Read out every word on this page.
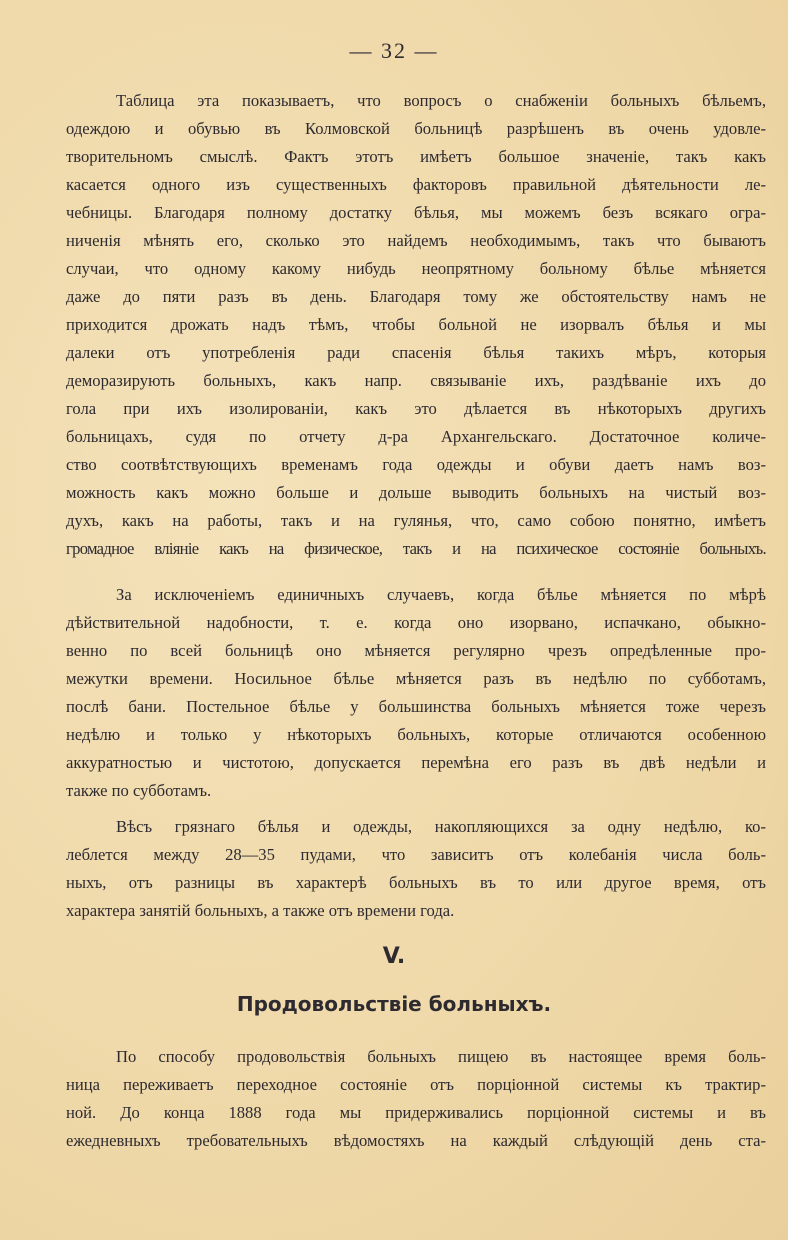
— 32 —
Таблица эта показываетъ, что вопросъ о снабженіи больныхъ бѣльемъ,
одеждою и обувью въ Колмовской больницѣ разрѣшенъ въ очень удовле-
творительномъ смыслѣ. Фактъ этотъ имѣетъ большое значеніе, такъ какъ
касается одного изъ существенныхъ факторовъ правильной дѣятельности ле-
чебницы. Благодаря полному достатку бѣлья, мы можемъ безъ всякаго огра-
ниченія мѣнять его, сколько это найдемъ необходимымъ, такъ что бываютъ
случаи, что одному какому нибудь неопрятному больному бѣлье мѣняется
даже до пяти разъ въ день. Благодаря тому же обстоятельству намъ не
приходится дрожать надъ тѣмъ, чтобы больной не изорвалъ бѣлья и мы
далеки отъ употребленія ради спасенія бѣлья такихъ мѣръ, которыя
деморазирують больныхъ, какъ напр. связываніе ихъ, раздѣваніе ихъ до
гола при ихъ изолированіи, какъ это дѣлается въ нѣкоторыхъ другихъ
больницахъ, судя по отчету д-ра Архангельскаго. Достаточное количе-
ство соотвѣтствующихъ временамъ года одежды и обуви даетъ намъ воз-
можность какъ можно больше и дольше выводить больныхъ на чистый воз-
духъ, какъ на работы, такъ и на гулянья, что, само собою понятно, имѣетъ
громадное вліяніе какъ на физическое, такъ и на психическое состояніе больныхъ.
За исключеніемъ единичныхъ случаевъ, когда бѣлье мѣняется по мѣрѣ
дѣйствительной надобности, т. е. когда оно изорвано, испачкано, обыкно-
венно по всей больницѣ оно мѣняется регулярно чрезъ опредѣленные про-
межутки времени. Носильное бѣлье мѣняется разъ въ недѣлю по субботамъ,
послѣ бани. Постельное бѣлье у большинства больныхъ мѣняется тоже черезъ
недѣлю и только у нѣкоторыхъ больныхъ, которые отличаются особенною
аккуратностью и чистотою, допускается перемѣна его разъ въ двѣ недѣли и
также по субботамъ.
Вѣсъ грязнаго бѣлья и одежды, накопляющихся за одну недѣлю, ко-
леблется между 28—35 пудами, что зависитъ отъ колебанія числа боль-
ныхъ, отъ разницы въ характерѣ больныхъ въ то или другое время, отъ
характера занятій больныхъ, а также отъ времени года.
V.
Продовольствіе больныхъ.
По способу продовольствія больныхъ пищею въ настоящее время боль-
ница переживаетъ переходное состояніе отъ порціонной системы къ трактир-
ной. До конца 1888 года мы придерживались порціонной системы и въ
ежедневныхъ требовательныхъ вѣдомостяхъ на каждый слѣдующій день ста-
